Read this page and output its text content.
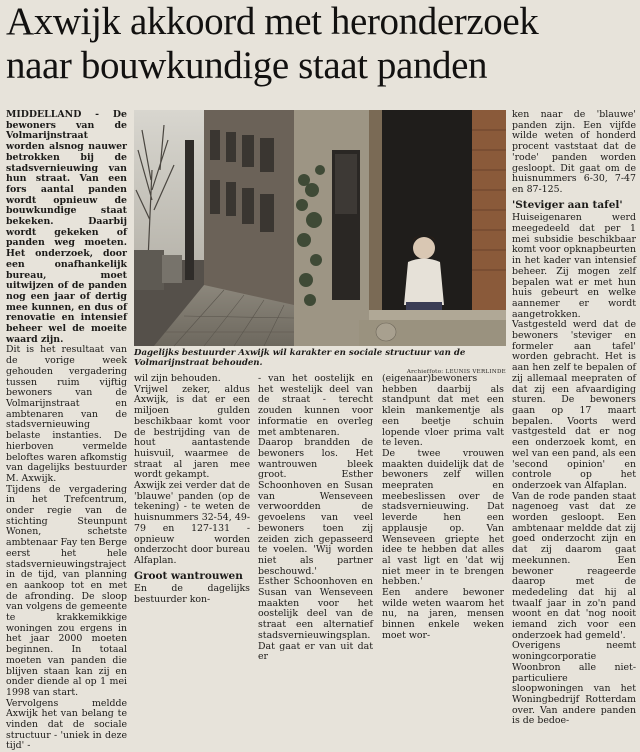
Axwijk akkoord met heronderzoek
naar bouwkundige staat panden

MIDDELLAND - De bewoners van de Volmarijnstraat worden alsnog nauwer betrokken bij de stadsvernieuwing van hun straat. Van een fors aantal panden wordt opnieuw de bouwkundige staat bekeken. Daarbij wordt gekeken of panden weg moeten. Het onderzoek, door een onafhankelijk bureau, moet uitwijzen of de panden nog een jaar of dertig mee kunnen, en dus of renovatie en intensief beheer wel de moeite waard zijn.

Dit is het resultaat van de vorige week gehouden vergadering tussen ruim vijftig bewoners van de Volmarijnstraat en ambtenaren van de stadsvernieuwing belaste instanties. De hierboven vermelde beloftes waren afkomstig van dagelijks bestuurder M. Axwijk.

Tijdens de vergadering in het Trefcentrum, onder regie van de stichting Steunpunt Wonen, schetste ambtenaar Fay ten Berge eerst het hele stadsvernieuwingstraject in de tijd, van planning en aankoop tot en met de afronding. De sloop van volgens de gemeente te krakkemikkige woningen zou ergens in het jaar 2000 moeten beginnen. In totaal moeten van panden die blijven staan kan zij en onder diende al op 1 mei 1998 van start.

Vervolgens meldde Axwijk het van belang te vinden dat de sociale structuur - 'uniek in deze tijd' -

Dagelijks bestuurder Axwijk wil karakter en sociale structuur van de Volmarijnstraat behouden.
Archieffoto: LEUNIS VERLINDE

wil zijn behouden.

Vrijwel zeker, aldus Axwijk, is dat er een miljoen gulden beschikbaar komt voor de bestrijding van de hout aantastende huisvuil, waarmee de straat al jaren mee wordt gekampt.

Axwijk zei verder dat de 'blauwe' panden (op de tekening) - te weten de huisnummers 32-54, 49-79 en 127-131 - opnieuw worden onderzocht door bureau Alfaplan.

Groot wantrouwen

En de dagelijks bestuurder kon-

- van het oostelijk en het westelijk deel van de straat - terecht zouden kunnen voor informatie en overleg met ambtenaren.

Daarop brandden de bewoners los. Het wantrouwen bleek groot. Esther Schoonhoven en Susan van Wenseveen verwoordden de gevoelens van veel bewoners toen zij zeiden zich gepasseerd te voelen. 'Wij worden niet als partner beschouwd.'

Esther Schoonhoven en Susan van Wenseveen maakten voor het oostelijk deel van de straat een alternatief stadsvernieuwingsplan. Dat gaat er van uit dat er

(eigenaar)bewoners hebben daarbij als standpunt dat met een klein mankementje als een beetje schuin lopende vloer prima valt te leven.

De twee vrouwen maakten duidelijk dat de bewoners zelf willen meepraten en meebeslissen over de stadsvernieuwing. Dat leverde hen een applausje op. Van Wenseveen griepte het idee te hebben dat alles al vast ligt en 'dat wij niet meer in te brengen hebben.'

Een andere bewoner wilde weten waarom het nu, na jaren, mensen binnen enkele weken moet wor-

ken naar de 'blauwe' panden zijn. Een vijfde wilde weten of honderd procent vaststaat dat de 'rode' panden worden gesloopt. Dit gaat om de huisnummers 6-30, 7-47 en 87-125.

'Steviger aan tafel'

Huiseigenaren werd meegedeeld dat per 1 mei subsidie beschikbaar komt voor opknapbeurten in het kader van intensief beheer. Zij mogen zelf bepalen wat er met hun huis gebeurt en welke aannemer er wordt aangetrokken.

Vastgesteld werd dat de bewoners 'steviger en formeler aan tafel' worden gebracht. Het is aan hen zelf te bepalen of zij allemaal meepraten of dat zij een afvaardiging sturen. De bewoners gaan op 17 maart bepalen. Voorts werd vastgesteld dat er nog een onderzoek komt, en wel van een pand, als een 'second opinion' en controle op het onderzoek van Alfaplan.

Van de rode panden staat nagenoeg vast dat ze worden gesloopt. Een ambtenaar meldde dat zij goed onderzocht zijn en dat zij daarom gaat meekunnen. Een bewoner reageerde daarop met de mededeling dat hij al twaalf jaar in zo'n pand woont en dat 'nog nooit iemand zich voor een onderzoek had gemeld'.

Overigens neemt woningcorporatie Woonbron alle niet-particuliere sloopwoningen van het Woningbedrijf Rotterdam over. Van andere panden is de bedoe-
